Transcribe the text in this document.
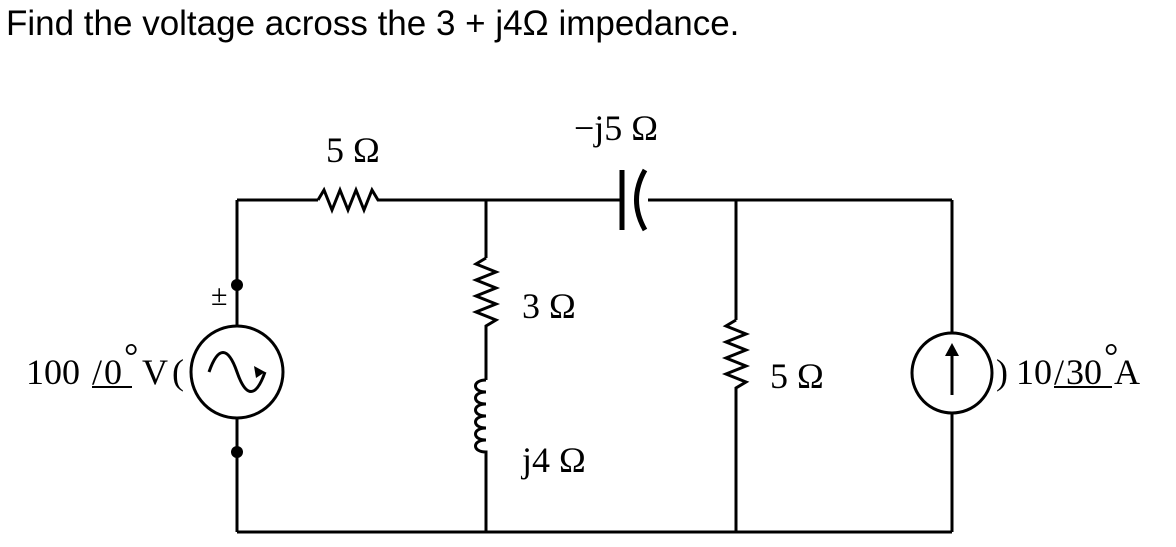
Find the voltage across the 3 + j4Ω impedance.
5 Ω
−j5 Ω
3 Ω
j4 Ω
5 Ω
±
100 / 0 ° V (	) 10 / 30 °
A
